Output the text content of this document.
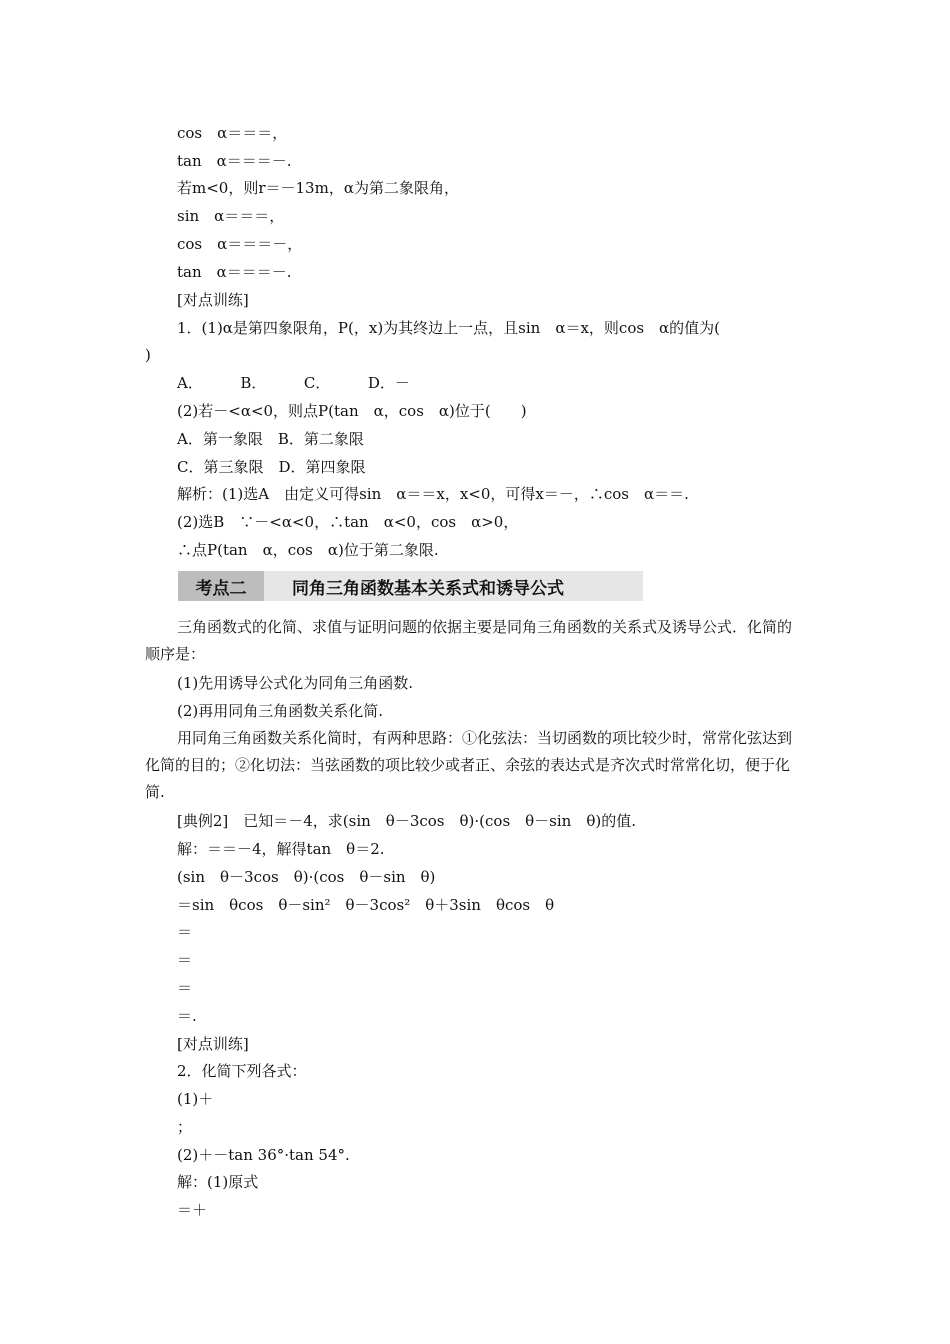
cos　α＝＝＝，
tan　α＝＝＝－.
若m<0，则r＝－13m，α为第二象限角，
sin　α＝＝＝，
cos　α＝＝＝－，
tan　α＝＝＝－.
[对点训练]
1．(1)α是第四象限角，P(，x)为其终边上一点，且sin　α＝x，则cos　α的值为(
)
A．　　　B．　　　C．　　　D．－
(2)若－<α<0，则点P(tan　α，cos　α)位于(　　)
A．第一象限　B．第二象限
C．第三象限　D．第四象限
解析：(1)选A　由定义可得sin　α＝＝x，x<0，可得x＝－，∴cos　α＝＝.
(2)选B　∵－<α<0，∴tan　α<0，cos　α>0，
∴点P(tan　α，cos　α)位于第二象限.
考点二	同角三角函数基本关系式和诱导公式
三角函数式的化简、求值与证明问题的依据主要是同角三角函数的关系式及诱导公式．化简的顺序是：
(1)先用诱导公式化为同角三角函数.
(2)再用同角三角函数关系化简.
用同角三角函数关系化简时，有两种思路：①化弦法：当切函数的项比较少时，常常化弦达到化简的目的；②化切法：当弦函数的项比较少或者正、余弦的表达式是齐次式时常常化切，便于化简.
[典例2]　已知＝－4，求(sin　θ－3cos　θ)·(cos　θ－sin　θ)的值.
解：＝＝－4，解得tan　θ＝2.
(sin　θ－3cos　θ)·(cos　θ－sin　θ)
＝sin　θcos　θ－sin²　θ－3cos²　θ＋3sin　θcos　θ
＝
＝
＝
＝.
[对点训练]
2．化简下列各式：
(1)＋
；
(2)＋－tan 36°·tan 54°.
解：(1)原式
＝＋
